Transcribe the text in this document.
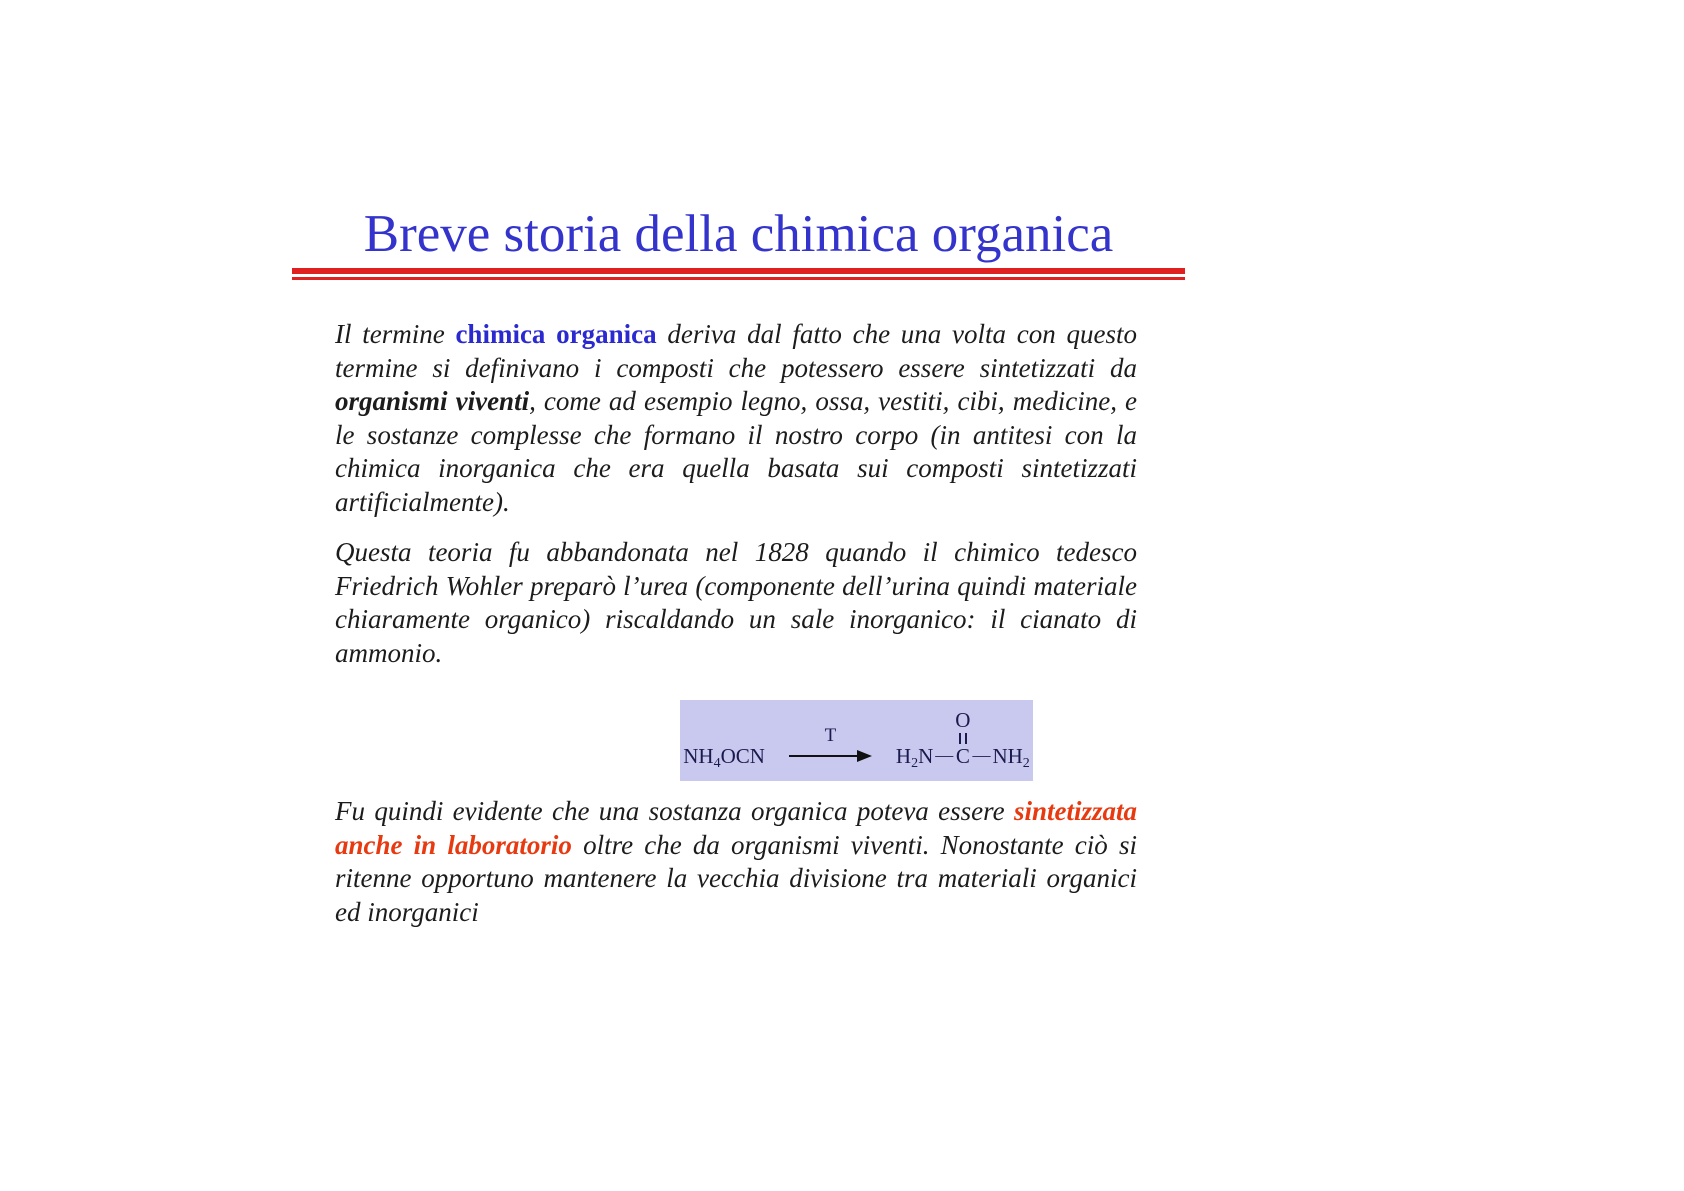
Breve storia della chimica organica

Il termine chimica organica deriva dal fatto che una volta con questo termine si definivano i composti che potessero essere sintetizzati da organismi viventi, come ad esempio legno, ossa, vestiti, cibi, medicine, e le sostanze complesse che formano il nostro corpo (in antitesi con la chimica inorganica che era quella basata sui composti sintetizzati artificialmente).

Questa teoria fu abbandonata nel 1828 quando il chimico tedesco Friedrich Wohler preparò l’urea (componente dell’urina quindi materiale chiaramente organico) riscaldando un sale inorganico: il cianato di ammonio.

$NH_4OCN$
T
$H_2N$ —
O
C — $NH_2$

Fu quindi evidente che una sostanza organica poteva essere sintetizzata anche in laboratorio oltre che da organismi viventi. Nonostante ciò si ritenne opportuno mantenere la vecchia divisione tra materiali organici ed inorganici
